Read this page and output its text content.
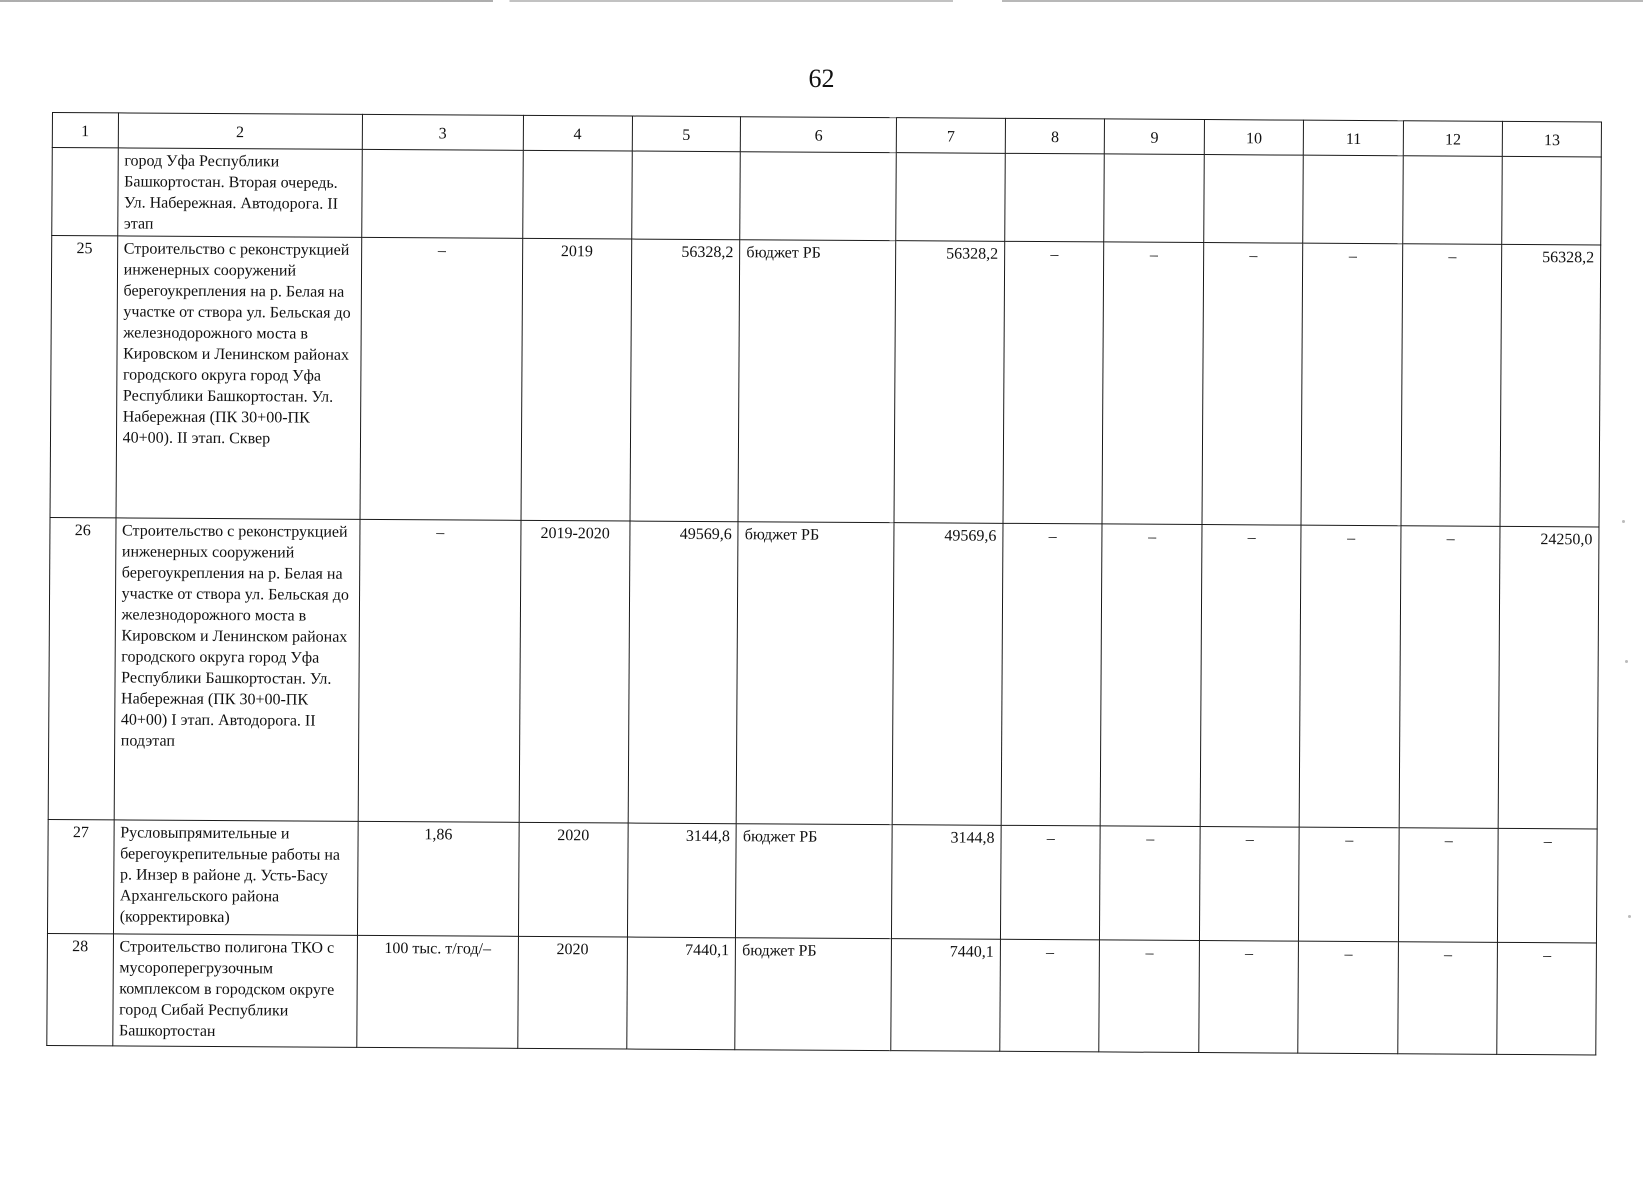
62
1	2	3	4	5	6	7	8	9	10	11	12	13
	город Уфа Республики Башкортостан. Вторая очередь. Ул. Набережная. Автодорога. II этап											
25	Строительство с реконструкцией инженерных сооружений берегоукрепления на р. Белая на участке от створа ул. Бельская до железнодорожного моста в Кировском и Ленинском районах городского округа город Уфа Республики Башкортостан. Ул. Набережная (ПК 30+00-ПК 40+00). II этап. Сквер	–	2019	56328,2	бюджет РБ	56328,2	–	–	–	–	–	56328,2
26	Строительство с реконструкцией инженерных сооружений берегоукрепления на р. Белая на участке от створа ул. Бельская до железнодорожного моста в Кировском и Ленинском районах городского округа город Уфа Республики Башкортостан. Ул. Набережная (ПК 30+00-ПК 40+00) I этап. Автодорога. II подэтап	–	2019-2020	49569,6	бюджет РБ	49569,6	–	–	–	–	–	24250,0
27	Русловыпрямительные и берегоукрепительные работы на р. Инзер в районе д. Усть-Басу Архангельского района (корректировка)	1,86	2020	3144,8	бюджет РБ	3144,8	–	–	–	–	–	–
28	Строительство полигона ТКО с мусороперегрузочным комплексом в городском округе город Сибай Республики Башкортостан	100 тыс. т/год/–	2020	7440,1	бюджет РБ	7440,1	–	–	–	–	–	–
